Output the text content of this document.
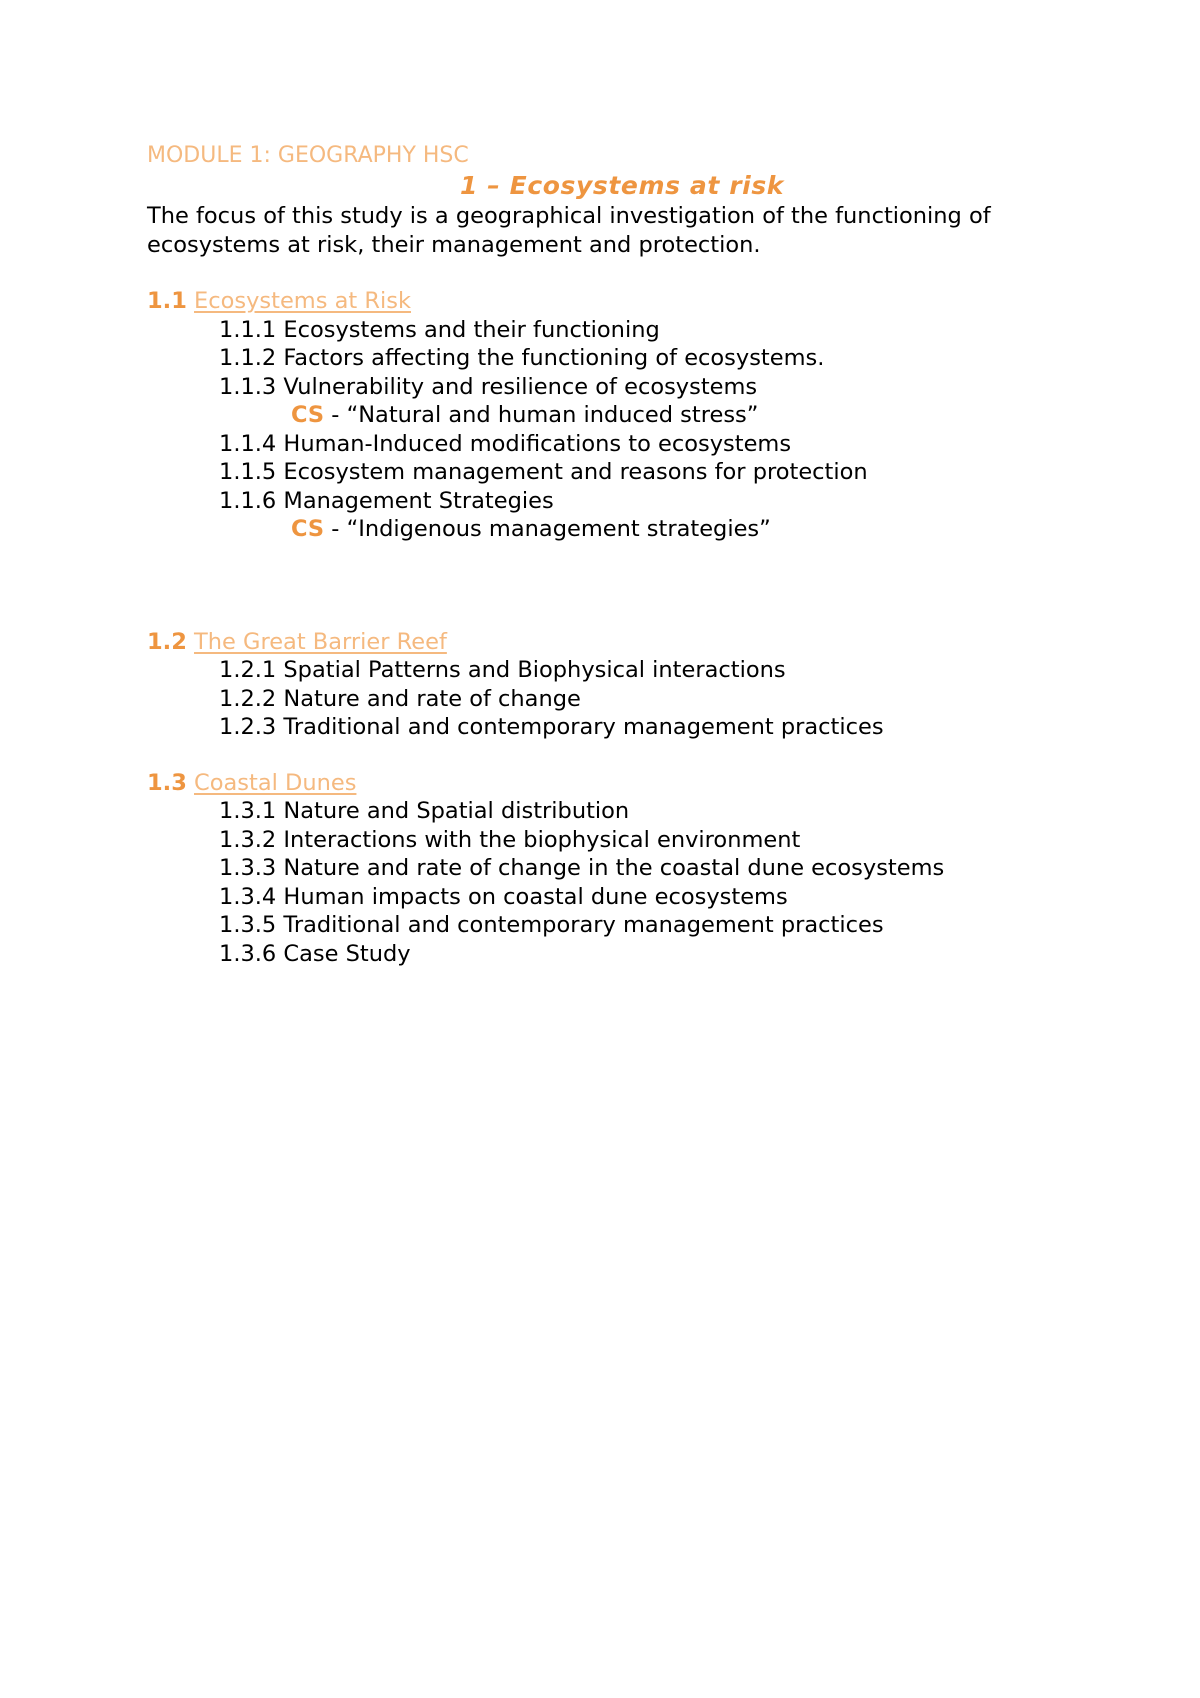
MODULE 1: GEOGRAPHY HSC
1 – Ecosystems at risk

The focus of this study is a geographical investigation of the functioning of ecosystems at risk, their management and protection.

1.1 Ecosystems at Risk
1.1.1 Ecosystems and their functioning
1.1.2 Factors affecting the functioning of ecosystems.
1.1.3 Vulnerability and resilience of ecosystems
CS - “Natural and human induced stress”
1.1.4 Human-Induced modifications to ecosystems
1.1.5 Ecosystem management and reasons for protection
1.1.6 Management Strategies
CS - “Indigenous management strategies”
1.2 The Great Barrier Reef
1.2.1 Spatial Patterns and Biophysical interactions
1.2.2 Nature and rate of change
1.2.3 Traditional and contemporary management practices
1.3 Coastal Dunes
1.3.1 Nature and Spatial distribution
1.3.2 Interactions with the biophysical environment
1.3.3 Nature and rate of change in the coastal dune ecosystems
1.3.4 Human impacts on coastal dune ecosystems
1.3.5 Traditional and contemporary management practices
1.3.6 Case Study
